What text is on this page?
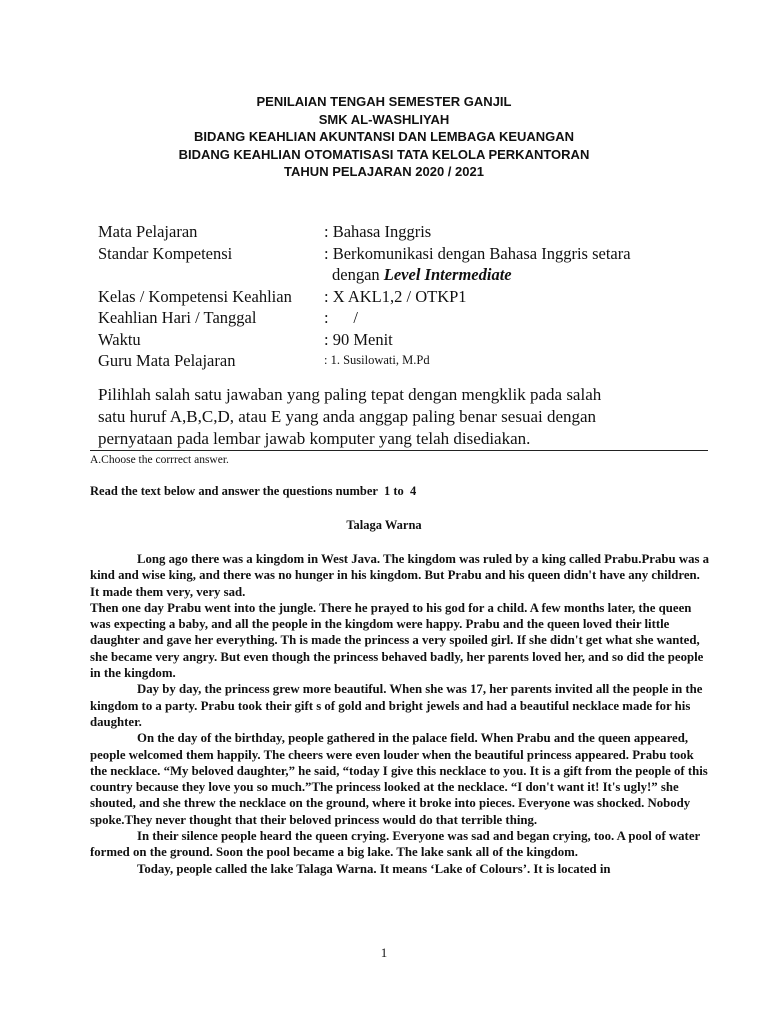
PENILAIAN TENGAH SEMESTER GANJIL
SMK AL-WASHLIYAH
BIDANG KEAHLIAN AKUNTANSI DAN LEMBAGA KEUANGAN
BIDANG KEAHLIAN OTOMATISASI TATA KELOLA PERKANTORAN
TAHUN PELAJARAN 2020 / 2021
Mata Pelajaran	: Bahasa Inggris
Standar Kompetensi	: Berkomunikasi dengan Bahasa Inggris setara
dengan Level Intermediate
Kelas / Kompetensi Keahlian	: X AKL1,2 / OTKP1
Keahlian Hari / Tanggal	:      /
Waktu	: 90 Menit
Guru Mata Pelajaran	: 1. Susilowati, M.Pd
Pilihlah salah satu jawaban yang paling tepat dengan mengklik pada salah
satu huruf A,B,C,D, atau E yang anda anggap paling benar sesuai dengan
pernyataan pada lembar jawab komputer yang telah disediakan.
A.Choose the corrrect answer.
Read the text below and answer the questions number  1 to  4
Talaga Warna

Long ago there was a kingdom in West Java. The kingdom was ruled by a king called Prabu.Prabu was a kind and wise king, and there was no hunger in his kingdom. But Prabu and his queen didn't have any children. It made them very, very sad.

Then one day Prabu went into the jungle. There he prayed to his god for a child. A few months later, the queen was expecting a baby, and all the people in the kingdom were happy. Prabu and the queen loved their little daughter and gave her everything. Th is made the princess a very spoiled girl. If she didn't get what she wanted, she became very angry. But even though the princess behaved badly, her parents loved her, and so did the people in the kingdom.

Day by day, the princess grew more beautiful. When she was 17, her parents invited all the people in the kingdom to a party. Prabu took their gift s of gold and bright jewels and had a beautiful necklace made for his daughter.

On the day of the birthday, people gathered in the palace field. When Prabu and the queen appeared, people welcomed them happily. The cheers were even louder when the beautiful princess appeared. Prabu took the necklace. “My beloved daughter,” he said, “today I give this necklace to you. It is a gift from the people of this country because they love you so much.”The princess looked at the necklace. “I don't want it! It's ugly!” she shouted, and she threw the necklace on the ground, where it broke into pieces. Everyone was shocked. Nobody spoke.They never thought that their beloved princess would do that terrible thing.

In their silence people heard the queen crying. Everyone was sad and began crying, too. A pool of water formed on the ground. Soon the pool became a big lake. The lake sank all of the kingdom.

Today, people called the lake Talaga Warna. It means ‘Lake of Colours’. It is located in

1
